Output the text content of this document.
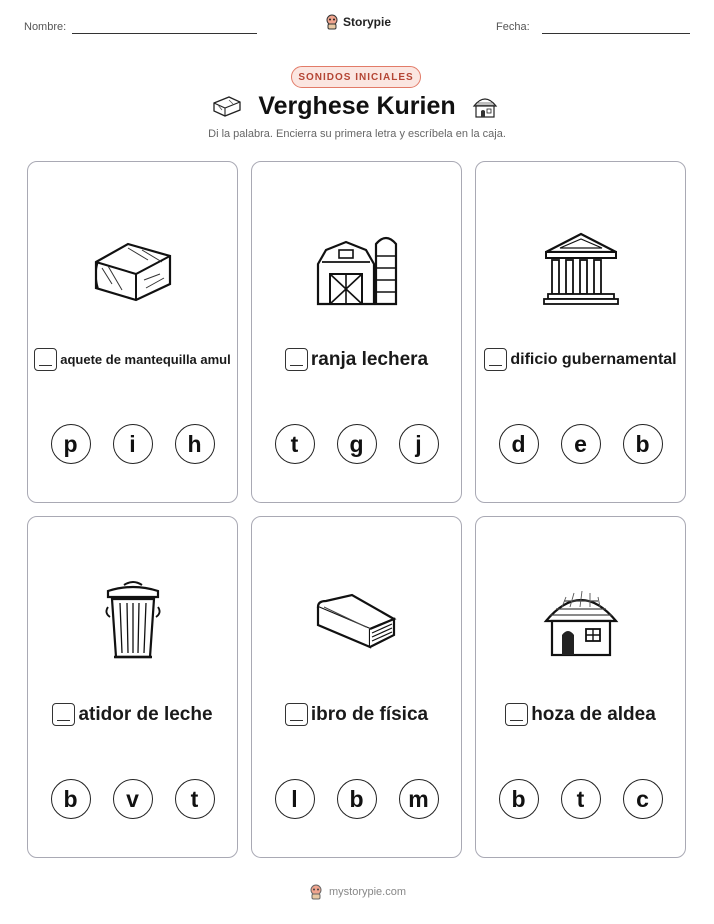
Nombre:	Storypie	Fecha:
SONIDOS INICIALES
Verghese Kurien
Di la palabra. Encierra su primera letra y escríbela en la caja.
aquete de mantequilla amul
p	i	h
ranja lechera
t	g	j
dificio gubernamental
d	e	b
atidor de leche
b	v	t
ibro de física
l	b	m
hoza de aldea
b	t	c
mystorypie.com
